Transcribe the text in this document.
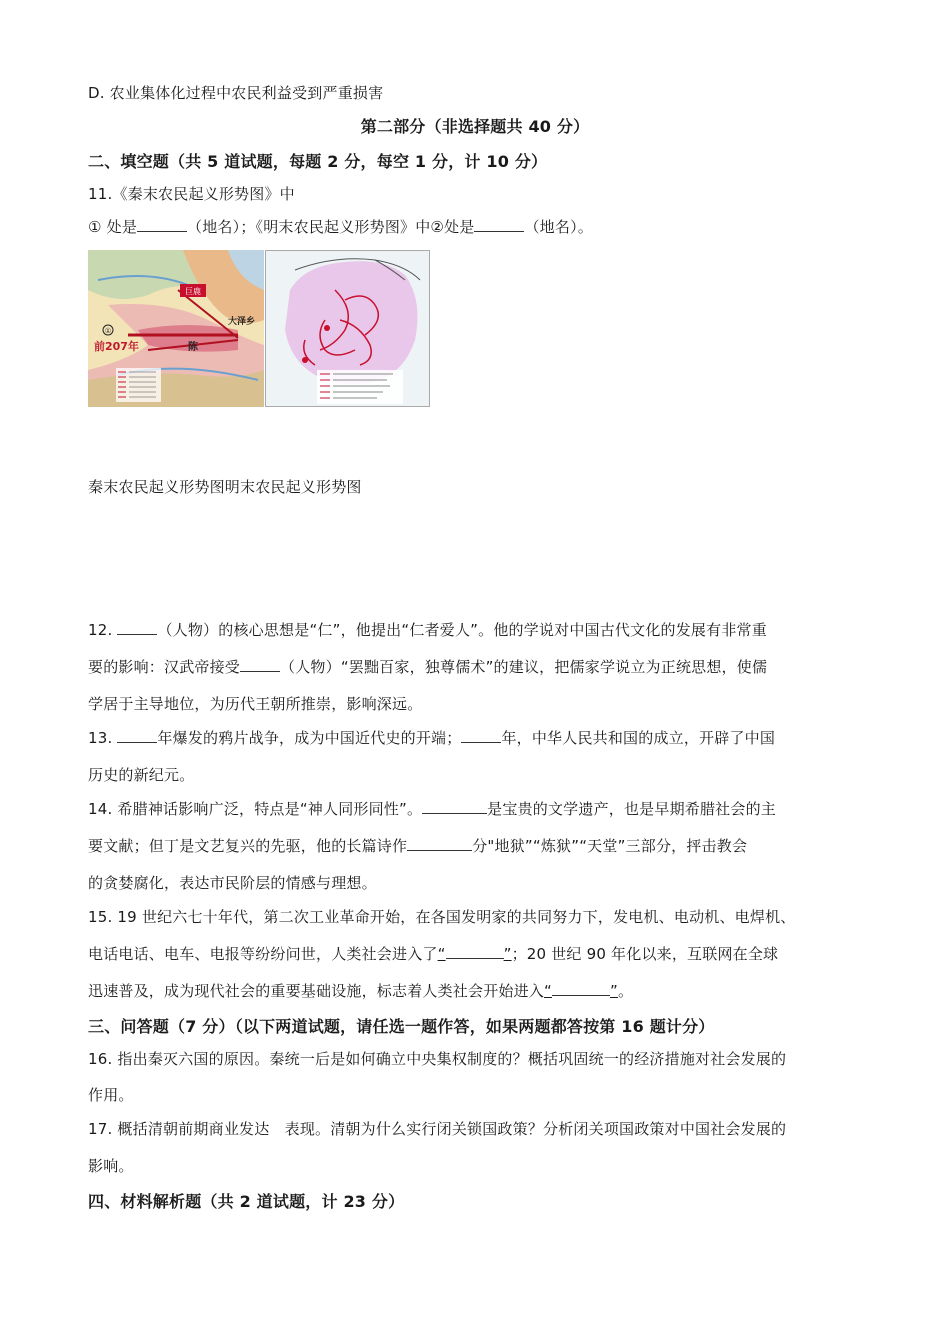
D. 农业集体化过程中农民利益受到严重损害
第二部分（非选择题共 40 分）
二、填空题（共 5 道试题，每题 2 分，每空 1 分，计 10 分）
11.《秦末农民起义形势图》中
① 处是	（地名）；《明末农民起义形势图》中②处是	（地名）。
巨鹿
大泽乡
陈
①
前207年
秦末农民起义形势图明末农民起义形势图
12.	（人物）的核心思想是“仁”，他提出“仁者爱人”。他的学说对中国古代文化的发展有非常重
要的影响：汉武帝接受	（人物）“罢黜百家，独尊儒术”的建议，把儒家学说立为正统思想，使儒
学居于主导地位，为历代王朝所推崇，影响深远。
13.	年爆发的鸦片战争，成为中国近代史的开端；	年，中华人民共和国的成立，开辟了中国
历史的新纪元。
14. 希腊神话影响广泛，特点是“神人同形同性”。	是宝贵的文学遗产，也是早期希腊社会的主
要文献；但丁是文艺复兴的先驱，他的长篇诗作	分"地狱”“炼狱”“天堂”三部分，抨击教会
的贪婪腐化，表达市民阶层的情感与理想。
15. 19 世纪六七十年代，第二次工业革命开始，在各国发明家的共同努力下，发电机、电动机、电焊机、
电话电话、电车、电报等纷纷问世，人类社会进入了“	”；20 世纪 90 年化以来，互联网在全球
迅速普及，成为现代社会的重要基础设施，标志着人类社会开始进入“	”。
三、问答题（7 分）（以下两道试题，请任选一题作答，如果两题都答按第 16 题计分）
16. 指出秦灭六国的原因。秦统一后是如何确立中央集权制度的？概括巩固统一的经济措施对社会发展的
作用。
17. 概括清朝前期商业发达　表现。清朝为什么实行闭关锁国政策？分析闭关项国政策对中国社会发展的
影响。
四、材料解析题（共 2 道试题，计 23 分）
